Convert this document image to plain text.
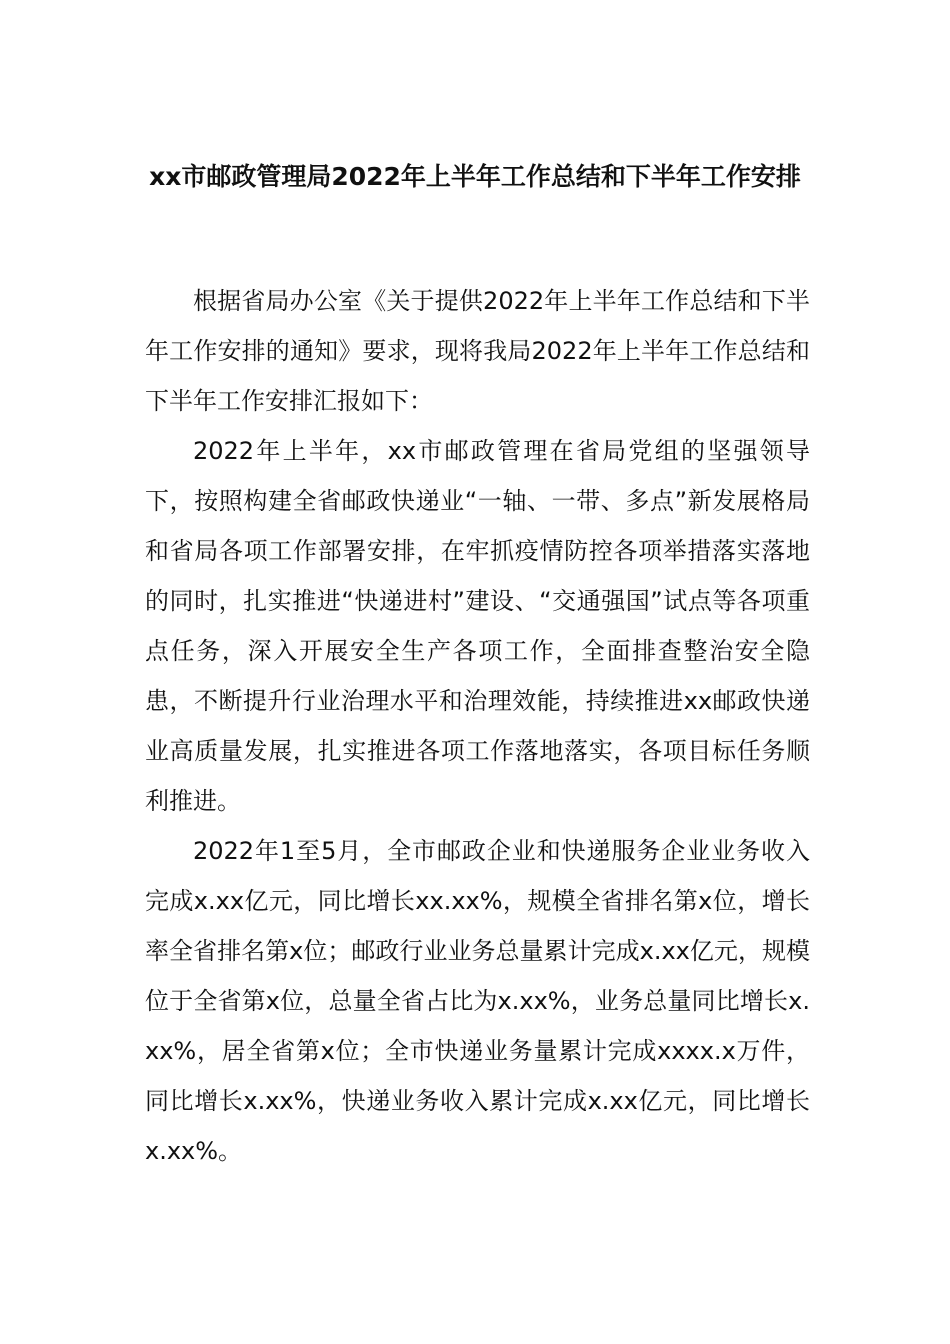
xx市邮政管理局2022年上半年工作总结和下半年工作安排

根据省局办公室《关于提供2022年上半年工作总结和下半年工作安排的通知》要求，现将我局2022年上半年工作总结和下半年工作安排汇报如下：

2022年上半年，xx市邮政管理在省局党组的坚强领导下，按照构建全省邮政快递业“一轴、一带、多点”新发展格局和省局各项工作部署安排，在牢抓疫情防控各项举措落实落地的同时，扎实推进“快递进村”建设、“交通强国”试点等各项重点任务，深入开展安全生产各项工作，全面排查整治安全隐患，不断提升行业治理水平和治理效能，持续推进xx邮政快递业高质量发展，扎实推进各项工作落地落实，各项目标任务顺利推进。

2022年1至5月，全市邮政企业和快递服务企业业务收入完成x.xx亿元，同比增长xx.xx%，规模全省排名第x位，增长率全省排名第x位；邮政行业业务总量累计完成x.xx亿元，规模位于全省第x位，总量全省占比为x.xx%，业务总量同比增长x.xx%，居全省第x位；全市快递业务量累计完成xxxx.x万件，同比增长x.xx%，快递业务收入累计完成x.xx亿元，同比增长x.xx%。
